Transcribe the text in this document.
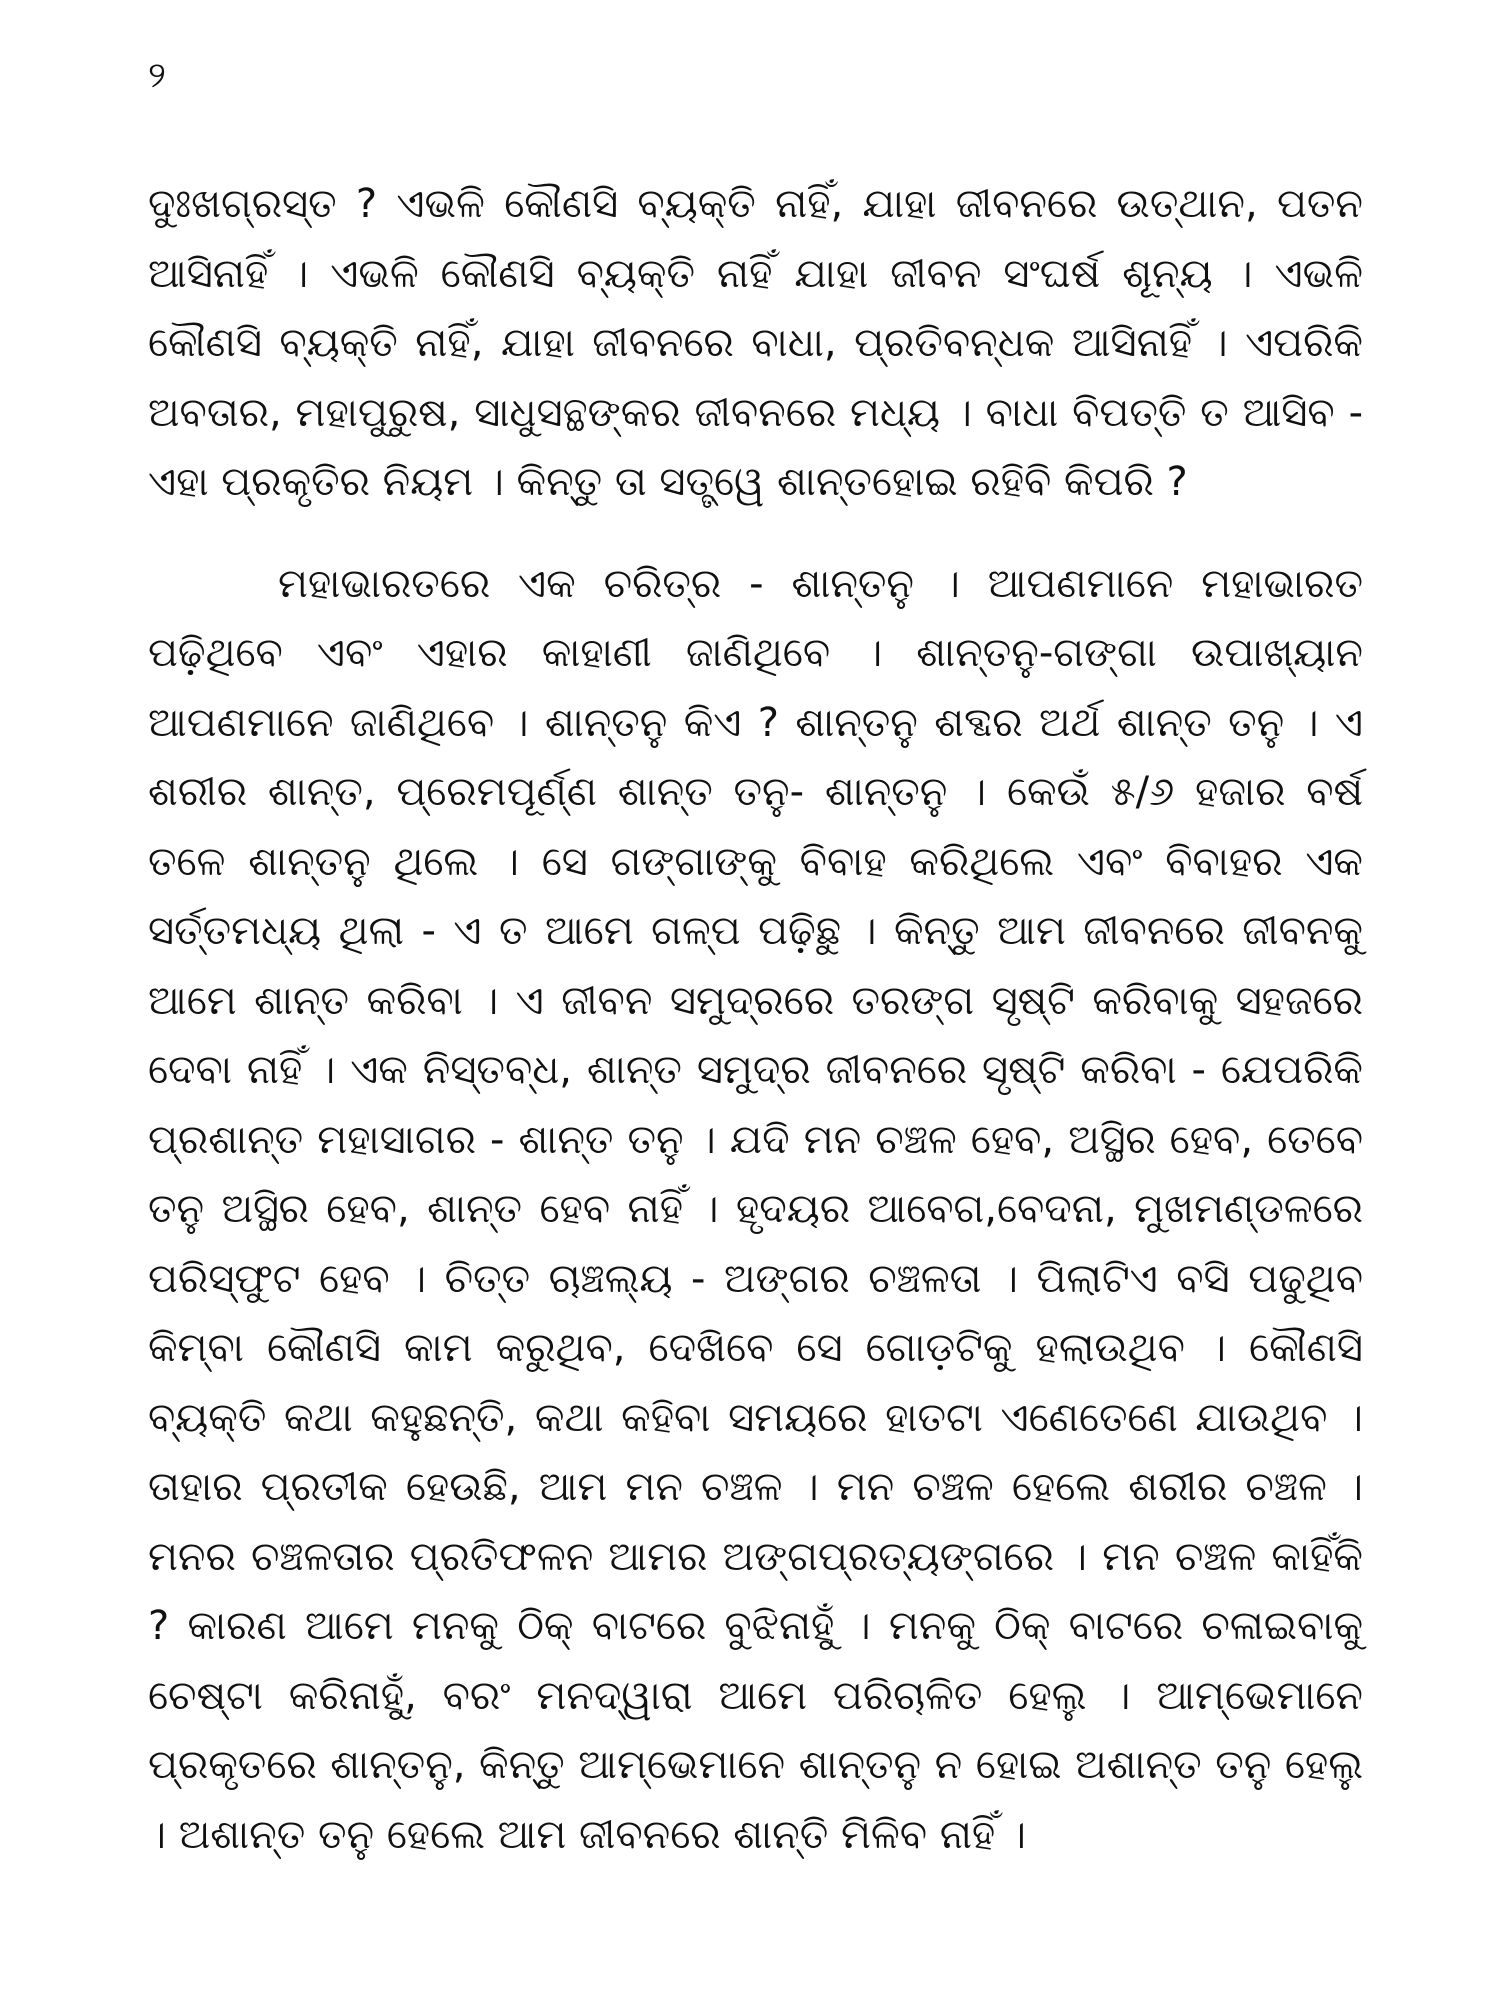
୨

ଦୁଃଖଗ୍ରସ୍ତ ? ଏଭଳି କୌଣସି ବ୍ୟକ୍ତି ନାହିଁ, ଯାହା ଜୀବନରେ ଉତ୍‌ଥାନ, ପତନ ଆସିନାହିଁ । ଏଭଳି କୌଣସି ବ୍ୟକ୍ତି ନାହିଁ ଯାହା ଜୀବନ ସଂଘର୍ଷ ଶୂନ୍ୟ । ଏଭଳି କୌଣସି ବ୍ୟକ୍ତି ନାହିଁ, ଯାହା ଜୀବନରେ ବାଧା, ପ୍ରତିବନ୍ଧକ ଆସିନାହିଁ । ଏପରିକି ଅବତାର, ମହାପୁରୁଷ, ସାଧୁସନ୍ଥଙ୍କର ଜୀବନରେ ମଧ୍ୟ । ବାଧା ବିପତ୍ତି ତ ଆସିବ - ଏହା ପ୍ରକୃତିର ନିୟମ । କିନ୍ତୁ ତା ସତ୍ତ୍ୱେ ଶାନ୍ତହୋଇ ରହିବି କିପରି ?

ମହାଭାରତରେ ଏକ ଚରିତ୍ର - ଶାନ୍ତନୁ । ଆପଣମାନେ ମହାଭାରତ ପଢ଼ିଥିବେ ଏବଂ ଏହାର କାହାଣୀ ଜାଣିଥିବେ । ଶାନ୍ତନୁ-ଗଙ୍ଗା ଉପାଖ୍ୟାନ ଆପଣମାନେ ଜାଣିଥିବେ । ଶାନ୍ତନୁ କିଏ ? ଶାନ୍ତନୁ ଶବ୍ଦର ଅର୍ଥ ଶାନ୍ତ ତନୁ । ଏ ଶରୀର ଶାନ୍ତ, ପ୍ରେମପୂର୍ଣ୍ଣ ଶାନ୍ତ ତନୁ- ଶାନ୍ତନୁ । କେଉଁ ୫/୬ ହଜାର ବର୍ଷ ତଳେ ଶାନ୍ତନୁ ଥିଲେ । ସେ ଗଙ୍ଗାଙ୍କୁ ବିବାହ କରିଥିଲେ ଏବଂ ବିବାହର ଏକ ସର୍ତ୍ତମଧ୍ୟ ଥିଲା - ଏ ତ ଆମେ ଗଳ୍ପ ପଢ଼ିଛୁ । କିନ୍ତୁ ଆମ ଜୀବନରେ ଜୀବନକୁ ଆମେ ଶାନ୍ତ କରିବା । ଏ ଜୀବନ ସମୁଦ୍ରରେ ତରଙ୍ଗ ସୃଷ୍ଟି କରିବାକୁ ସହଜରେ ଦେବା ନାହିଁ । ଏକ ନିସ୍ତବ୍ଧ, ଶାନ୍ତ ସମୁଦ୍ର ଜୀବନରେ ସୃଷ୍ଟି କରିବା - ଯେପରିକି ପ୍ରଶାନ୍ତ ମହାସାଗର - ଶାନ୍ତ ତନୁ । ଯଦି ମନ ଚଞ୍ଚଳ ହେବ, ଅସ୍ଥିର ହେବ, ତେବେ ତନୁ ଅସ୍ଥିର ହେବ, ଶାନ୍ତ ହେବ ନାହିଁ । ହୃଦୟର ଆବେଗ,ବେଦନା, ମୁଖମଣ୍ଡଳରେ ପରିସ୍ଫୁଟ ହେବ । ଚିତ୍ତ ଚାଞ୍ଚଲ୍ୟ - ଅଙ୍ଗର ଚଞ୍ଚଳତା । ପିଲାଟିଏ ବସି ପଢୁଥିବ କିମ୍ବା କୌଣସି କାମ କରୁଥିବ, ଦେଖିବେ ସେ ଗୋଡ଼ଟିକୁ ହଲାଉଥିବ । କୌଣସି ବ୍ୟକ୍ତି କଥା କହୁଛନ୍ତି, କଥା କହିବା ସମୟରେ ହାତଟା ଏଣେତେଣେ ଯାଉଥିବ । ତାହାର ପ୍ରତୀକ ହେଉଛି, ଆମ ମନ ଚଞ୍ଚଳ । ମନ ଚଞ୍ଚଳ ହେଲେ ଶରୀର ଚଞ୍ଚଳ । ମନର ଚଞ୍ଚଳତାର ପ୍ରତିଫଳନ ଆମର ଅଙ୍ଗପ୍ରତ୍ୟଙ୍ଗରେ । ମନ ଚଞ୍ଚଳ କାହିଁକି ? କାରଣ ଆମେ ମନକୁ ଠିକ୍ ବାଟରେ ବୁଝିନାହୁଁ । ମନକୁ ଠିକ୍ ବାଟରେ ଚଳାଇବାକୁ ଚେଷ୍ଟା କରିନାହୁଁ, ବରଂ ମନଦ୍ୱାରା ଆମେ ପରିଚାଳିତ ହେଲୁ । ଆମ୍ଭେମାନେ ପ୍ରକୃତରେ ଶାନ୍ତନୁ, କିନ୍ତୁ ଆମ୍ଭେମାନେ ଶାନ୍ତନୁ ନ ହୋଇ ଅଶାନ୍ତ ତନୁ ହେଲୁ । ଅଶାନ୍ତ ତନୁ ହେଲେ ଆମ ଜୀବନରେ ଶାନ୍ତି ମିଳିବ ନାହିଁ ।
